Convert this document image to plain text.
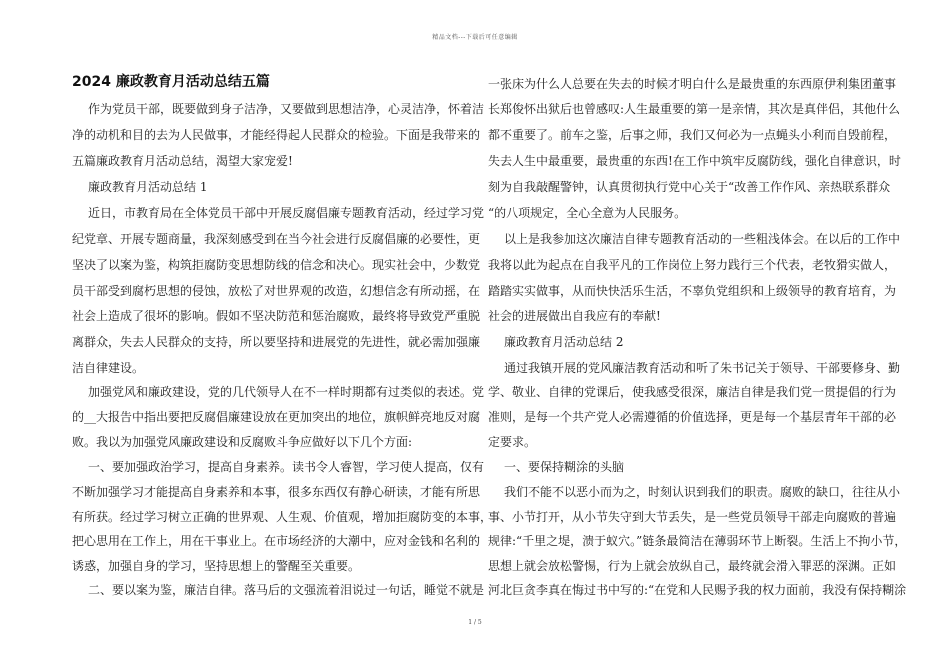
精品文档---下载后可任意编辑
2024 廉政教育月活动总结五篇
作为党员干部，既要做到身子洁净，又要做到思想洁净，心灵洁净，怀着洁
净的动机和目的去为人民做事，才能经得起人民群众的检验。下面是我带来的
五篇廉政教育月活动总结，渴望大家宠爱!
廉政教育月活动总结 1
近日，市教育局在全体党员干部中开展反腐倡廉专题教育活动，经过学习党
纪党章、开展专题商量，我深刻感受到在当今社会进行反腐倡廉的必要性，更
坚决了以案为鉴，构筑拒腐防变思想防线的信念和决心。现实社会中，少数党
员干部受到腐朽思想的侵蚀，放松了对世界观的改造，幻想信念有所动摇，在
社会上造成了很坏的影响。假如不坚决防范和惩治腐败，最终将导致党严重脱
离群众，失去人民群众的支持，所以要坚持和进展党的先进性，就必需加强廉
洁自律建设。
加强党风和廉政建设，党的几代领导人在不一样时期都有过类似的表述。党
的__大报告中指出要把反腐倡廉建设放在更加突出的地位，旗帜鲜亮地反对腐
败。我以为加强党风廉政建设和反腐败斗争应做好以下几个方面:
一、要加强政治学习，提高自身素养。读书令人睿智，学习使人提高，仅有
不断加强学习才能提高自身素养和本事，很多东西仅有静心研读，才能有所思
有所获。经过学习树立正确的世界观、人生观、价值观，增加拒腐防变的本事，
把心思用在工作上，用在干事业上。在市场经济的大潮中，应对金钱和名利的
诱惑，加强自身的学习，坚持思想上的警醒至关重要。
二、要以案为鉴，廉洁自律。落马后的文强流着泪说过一句话，睡觉不就是
一张床为什么人总要在失去的时候才明白什么是最贵重的东西原伊利集团董事
长郑俊怀出狱后也曾感叹:人生最重要的第一是亲情，其次是真伴侣，其他什么
都不重要了。前车之鉴，后事之师，我们又何必为一点蝇头小利而自毁前程，
失去人生中最重要，最贵重的东西!在工作中筑牢反腐防线，强化自律意识，时
刻为自我敲醒警钟，认真贯彻执行党中心关于“改善工作作风、亲热联系群众
“的八项规定，全心全意为人民服务。
以上是我参加这次廉洁自律专题教育活动的一些粗浅体会。在以后的工作中
我将以此为起点在自我平凡的工作岗位上努力践行三个代表，老牧猾实做人，
踏踏实实做事，从而快快活乐生活，不辜负党组织和上级领导的教育培育，为
社会的进展做出自我应有的奉献!
廉政教育月活动总结 2
通过我镇开展的党风廉洁教育活动和听了朱书记关于领导、干部要修身、勤
学、敬业、自律的党课后，使我感受很深，廉洁自律是我们党一贯提倡的行为
准则，是每一个共产党人必需遵循的价值选择，更是每一个基层青年干部的必
定要求。
一、要保持糊涂的头脑
我们不能不以恶小而为之，时刻认识到我们的职责。腐败的缺口，往往从小
事、小节打开，从小节失守到大节丢失，是一些党员领导干部走向腐败的普遍
规律:“千里之堤，溃于蚁穴。”链条最简洁在薄弱环节上断裂。生活上不拘小节，
思想上就会放松警惕，行为上就会放纵自己，最终就会滑入罪恶的深渊。正如
河北巨贪李真在悔过书中写的:“在党和人民赐予我的权力面前，我没有保持糊涂
1 / 5
